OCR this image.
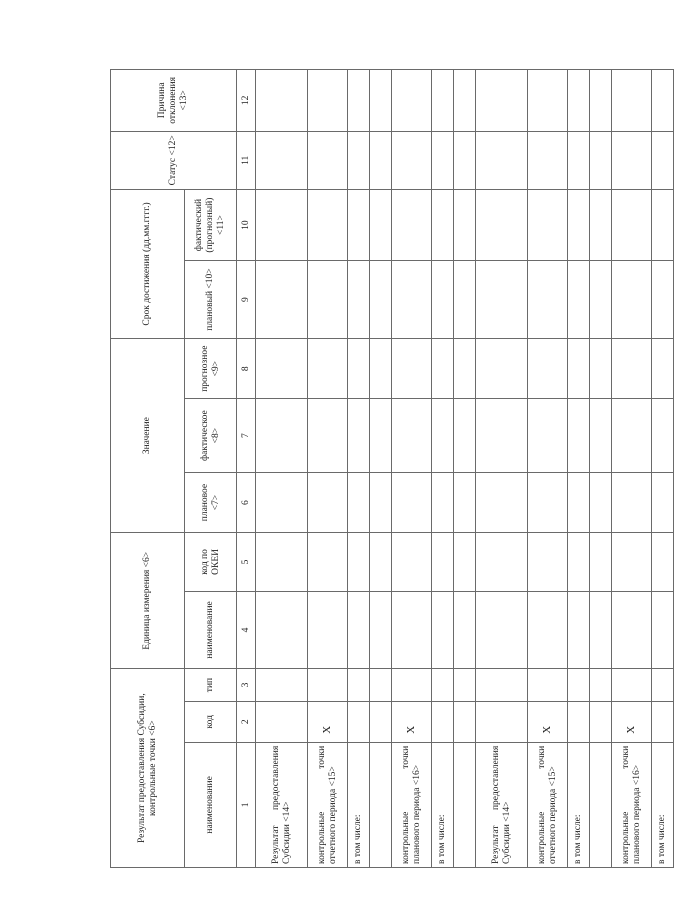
Результат предоставления Субсидии, контрольные точки <6>			Единица измерения <6>		Значение			Срок достижения (дд.мм.гггг.)		Статус <12>	Причина отклонения <13>
наименование	код	тип	наименование	код по ОКЕИ	плановое <7>	фактическое <8>	прогнозное <9>	плановый <10>	фактический (прогнозный) <11>		
1	2	3	4	5	6	7	8	9	10	11	12
Результат предоставления Субсидии <14>											
контрольные точки отчетного периода <15>	X										
в том числе:											

контрольные точки планового периода <16>	X										
в том числе:											

Результат предоставления Субсидии <14>											
контрольные точки отчетного периода <15>	X										
в том числе:											

контрольные точки планового периода <16>	X										
в том числе:											
